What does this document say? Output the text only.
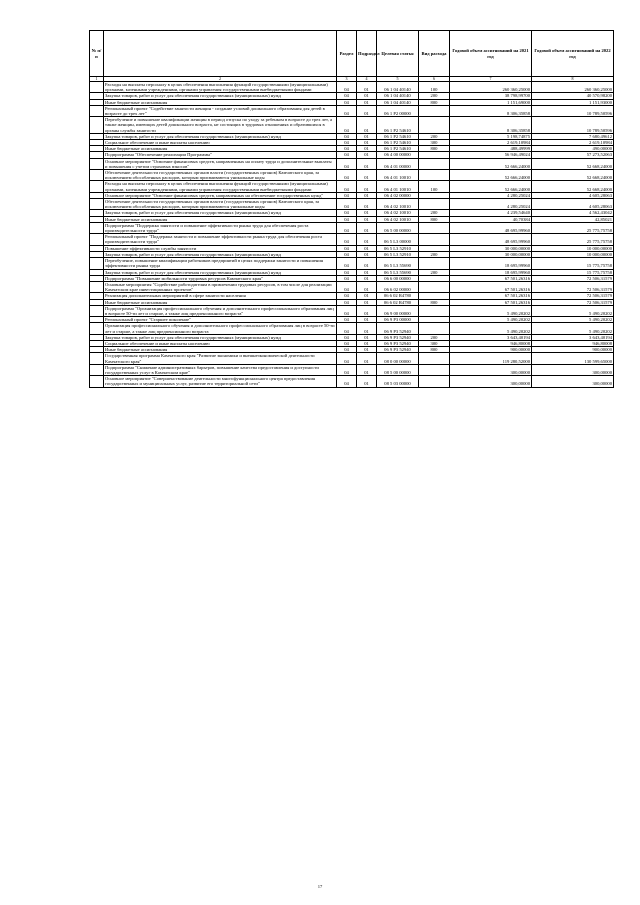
№ п/п		Раздел	Подраздел	Целевая статья	Вид расхода	Годовой объем ассигнований на 2021 год	Годовой объем ассигнований на 2022 год
1	2	3	4	5	6	7	8
	Расходы на выплаты персоналу в целях обеспечения выполнения функций государственными (муниципальными) органами, казенными учреждениями, органами управления государственными внебюджетными фондами	04	01	06 1 04 40140	100	260 360,25000	260 360,25000
	Закупка товаров, работ и услуг для обеспечения государственных (муниципальных) нужд	04	01	06 1 04 40140	200	38 798,99700	40 570,98200
	Иные бюджетные ассигнования	04	01	06 1 04 40140	800	1 151,69000	1 151,93000
	Региональный проект "Содействие занятости женщин - создание условий дошкольного образования для детей в возрасте до трех лет"	04	01	06 1 P2 00000		8 306,35858	10 789,50596
	Переобучение и повышение квалификации женщин в период отпуска по уходу за ребенком в возрасте до трех лет, а также женщин, имеющих детей дошкольного возраста, не состоящих в трудовых отношениях и обратившихся в органы службы занятости	04	01	06 1 P2 54610		8 306,35858	10 789,50596
	Закупка товаров, работ и услуг для обеспечения государственных (муниципальных) нужд	04	01	06 1 P2 54610	200	5 198,74875	7 680,49612
	Социальное обеспечение и иные выплаты населению	04	01	06 1 P2 54610	300	2 619,10984	2 619,10984
	Иные бюджетные ассигнования	04	01	06 1 P2 54610	800	488,49999	490,00000
	Подпрограмма "Обеспечение реализации Программы"	04	01	06 4 00 00000		56 946,49024	57 273,52063
	Основное мероприятие "Освоение финансовых средств, направленных на оплату труда и дополнительные выплаты и повышения с учетом страховых взносов"	04	01	06 4 01 00000		52 666,24000	52 668,24000
	Обеспечение деятельности государственных органов власти (государственных органов) Камчатского края, за исключением обособленных расходов, которым присваиваются уникальные коды	04	01	06 4 01 10010		52 666,24000	52 668,24000
	Расходы на выплаты персоналу в целях обеспечения выполнения функций государственными (муниципальными) органами, казенными учреждениями, органами управления государственными внебюджетными фондами	04	01	06 4 01 10010	100	52 666,24000	52 668,24000
	Основное мероприятие "Освоение финансовых средств, направленных на обеспечение государственных нужд"	04	01	06 4 02 00000		4 280,25024	4 605,28063
	Обеспечение деятельности государственных органов власти (государственных органов) Камчатского края, за исключением обособленных расходов, которым присваиваются уникальные коды	04	01	06 4 02 10010		4 280,25024	4 605,28063
	Закупка товаров, работ и услуг для обеспечения государственных (муниципальных) нужд	04	01	06 4 02 10010	200	4 239,54640	4 562,43042
	Иные бюджетные ассигнования	04	01	06 4 02 10010	800	40,70384	42,85021
	Подпрограмма "Поддержка занятости и повышение эффективности рынка труда для обеспечения роста производительности труда"	04	01	06 5 00 00000		48 695,99960	25 775,75758
	Региональный проект "Поддержка занятости и повышение эффективности рынка труда для обеспечения роста производительности труда"	04	01	06 5 L3 00000		48 695,99960	25 775,75758
	Повышение эффективности службы занятости	04	01	06 5 L3 52910		30 000,00000	10 000,00000
	Закупка товаров, работ и услуг для обеспечения государственных (муниципальных) нужд	04	01	06 5 L3 52910	200	30 000,00000	10 000,00000
	Переобучение, повышение квалификации работников предприятий в целях поддержки занятости и повышения эффективности рынка труда	04	01	06 5 L3 55690		18 695,99960	15 775,75758
	Закупка товаров, работ и услуг для обеспечения государственных (муниципальных) нужд	04	01	06 5 L3 55690	200	18 695,99960	15 775,75758
	Подпрограмма "Повышение мобильности трудовых ресурсов Камчатского края"	04	01	06 6 00 00000		67 501,26316	72 506,31579
	Основные мероприятия "Содействие работодателям в привлечении трудовых ресурсов, в том числе для реализации Камчатском крае инвестиционных проектов"	04	01	06 6 02 00000		67 501,26316	72 506,31579
	Реализация дополнительных мероприятий в сфере занятости населения	04	01	06 6 02 R4780		67 501,26316	72 506,31579
	Иные бюджетные ассигнования	04	01	06 6 02 R4780	800	67 501,26316	72 506,31579
	Подпрограмма "Организация профессионального обучения и дополнительного профессионального образования лиц в возрасте 50-ти лет и старше, а также лиц предпенсионного возраста"	04	01	06 9 00 00000		5 490,20202	5 490,20202
	Региональный проект "Старшее поколение"	04	01	06 9 P3 00000		5 490,20202	5 490,20202
	Организация профессионального обучения и дополнительного профессионального образования лиц в возрасте 50-ти лет и старше, а также лиц предпенсионного возраста	04	01	06 9 P3 52940		5 490,20202	5 490,20202
	Закупка товаров, работ и услуг для обеспечения государственных (муниципальных) нужд	04	01	06 9 P3 52940	200	3 643,40194	3 643,40194
	Социальное обеспечение и иные выплаты населению	04	01	06 9 P3 52940	300	946,80008	946,80008
	Иные бюджетные ассигнования	04	01	06 9 P3 52940	800	900,00000	900,00000
	Государственная программа Камчатского края "Развитие экономики и внешнеэкономической деятельности Камчатского края"	04	01	08 0 00 00000		119 280,52000	130 599,65000
	Подпрограмма "Снижение административных барьеров, повышение качества предоставления и доступности государственных услуг в Камчатском крае"	04	01	08 5 00 00000		300,00000	300,00000
	Основное мероприятие "Совершенствование деятельности многофункционального центра предоставления государственных и муниципальных услуг, развитие его территориальной сети"	04	01	08 5 03 00000		300,00000	300,00000
17
